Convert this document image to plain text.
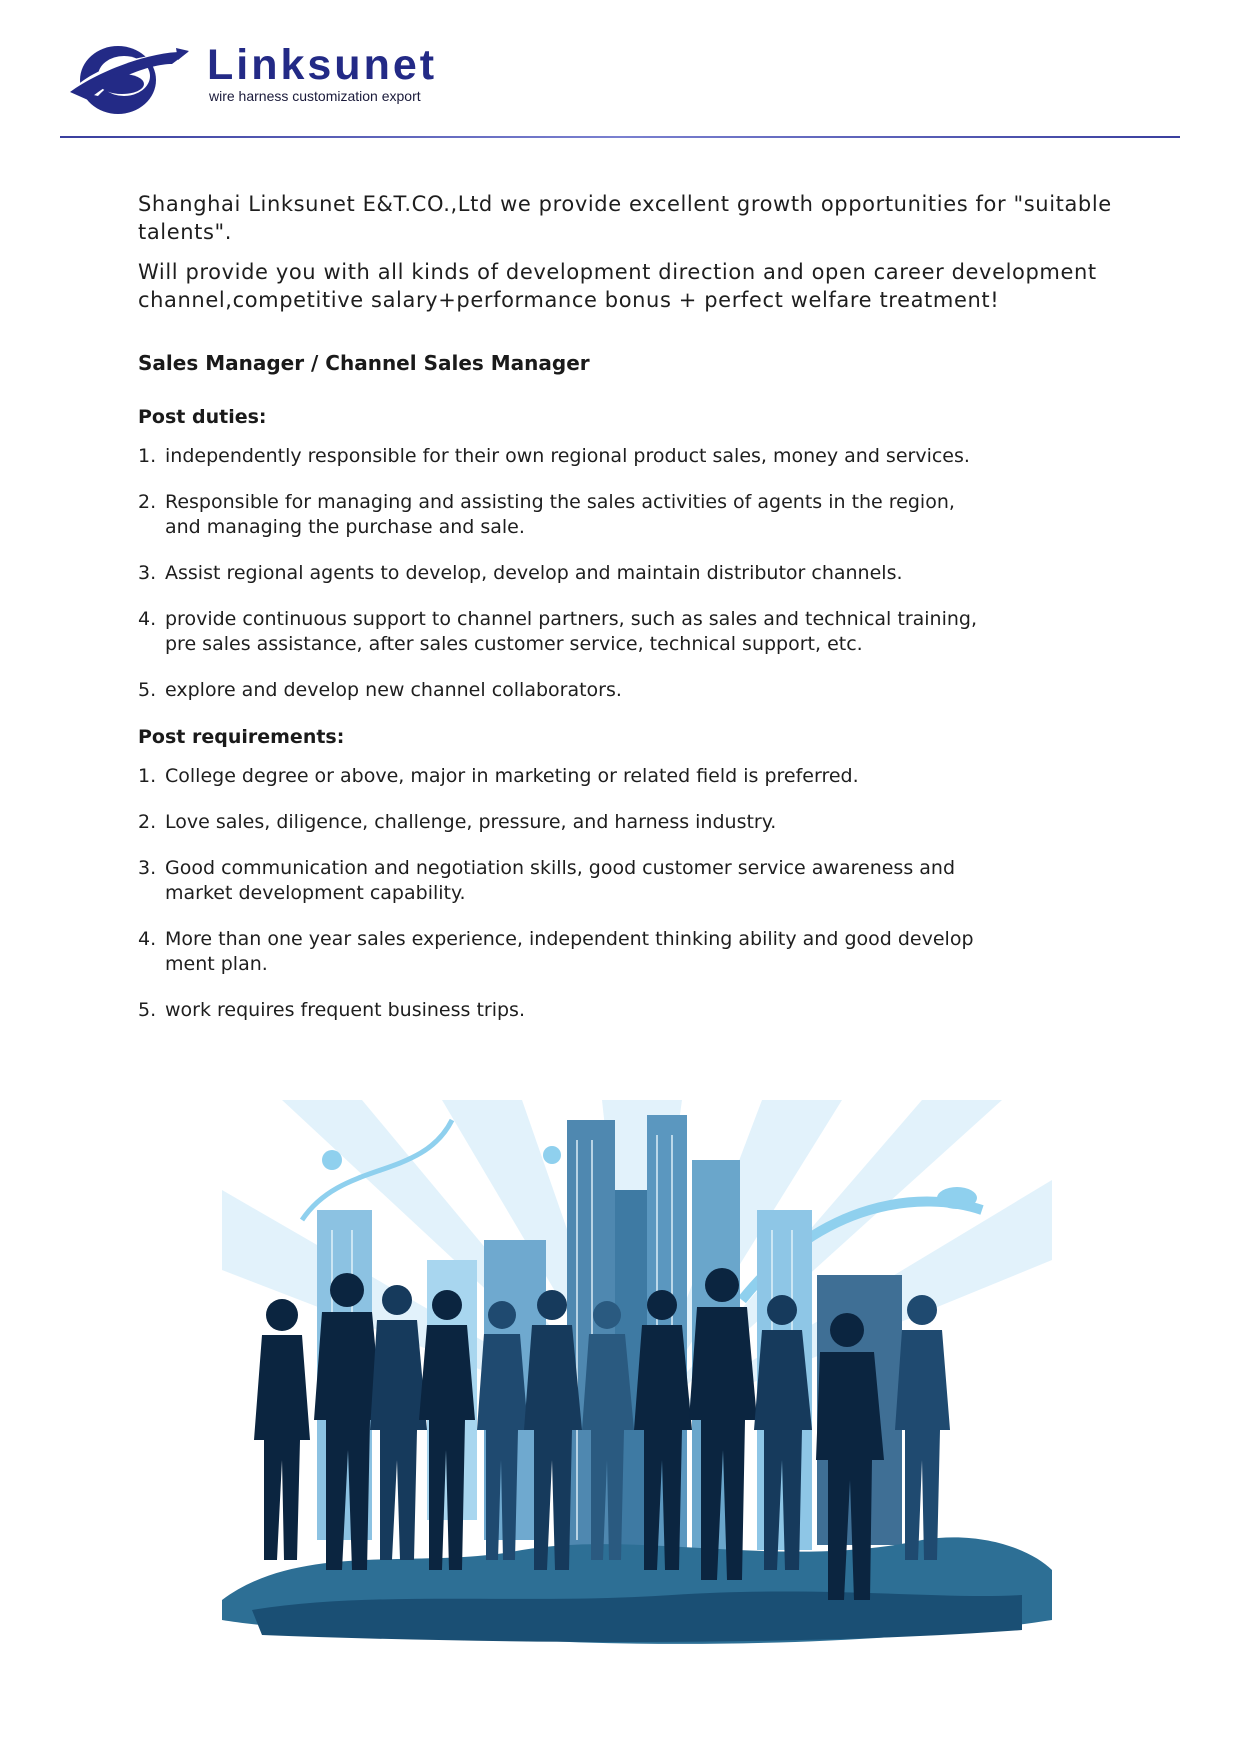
Linksunet
wire harness customization export

Shanghai Linksunet E&T.CO.,Ltd we provide excellent growth opportunities for "suitable talents".

Will provide you with all kinds of development direction and open career development channel,competitive salary+performance bonus + perfect welfare treatment!

Sales Manager / Channel Sales Manager
Post duties:
1. independently responsible for their own regional product sales, money and services.
2. Responsible for managing and assisting the sales activities of agents in the region, and managing the purchase and sale.
3. Assist regional agents to develop, develop and maintain distributor channels.
4. provide continuous support to channel partners, such as sales and technical training, pre sales assistance, after sales customer service, technical support, etc.
5. explore and develop new channel collaborators.
Post requirements:
1. College degree or above, major in marketing or related field is preferred.
2. Love sales, diligence, challenge, pressure, and harness industry.
3. Good communication and negotiation skills, good customer service awareness and market development capability.
4. More than one year sales experience, independent thinking ability and good develop ment plan.
5. work requires frequent business trips.
